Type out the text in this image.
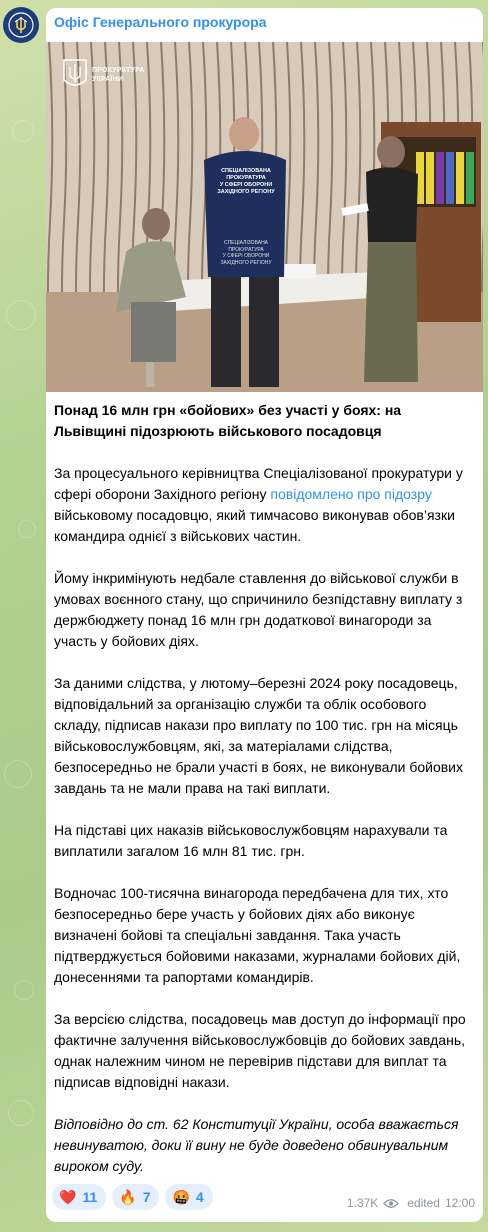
Офіс Генерального прокурора
ПРОКУРАТУРА
УКРАЇНИ
СПЕЦІАЛІЗОВАНА
ПРОКУРАТУРА
У СФЕРІ ОБОРОНИ
ЗАХІДНОГО РЕГІОНУ
СПЕЦІАЛІЗОВАНА
ПРОКУРАТУРА
У СФЕРІ ОБОРОНИ
ЗАХІДНОГО РЕГІОНУ

Понад 16 млн грн «бойових» без участі у боях: на Львівщині підозрюють військового посадовця

За процесуального керівництва Спеціалізованої прокуратури у сфері оборони Західного регіону повідомлено про підозру військовому посадовцю, який тимчасово виконував обов’язки командира однієї з військових частин.

Йому інкримінують недбале ставлення до військової служби в умовах воєнного стану, що спричинило безпідставну виплату з держбюджету понад 16 млн грн додаткової винагороди за участь у бойових діях.

За даними слідства, у лютому–березні 2024 року посадовець, відповідальний за організацію служби та облік особового складу, підписав накази про виплату по 100 тис. грн на місяць військовослужбовцям, які, за матеріалами слідства, безпосередньо не брали участі в боях, не виконували бойових завдань та не мали права на такі виплати.

На підставі цих наказів військовослужбовцям нарахували та виплатили загалом 16 млн 81 тис. грн.

Водночас 100-тисячна винагорода передбачена для тих, хто безпосередньо бере участь у бойових діях або виконує визначені бойові та спеціальні завдання. Така участь підтверджується бойовими наказами, журналами бойових дій, донесеннями та рапортами командирів.

За версією слідства, посадовець мав доступ до інформації про фактичне залучення військовослужбовців до бойових завдань, однак належним чином не перевірив підстави для виплат та підписав відповідні накази.

Відповідно до ст. 62 Конституції України, особа вважається невинуватою, доки її вину не буде доведено обвинувальним вироком суду.

❤️ 11 🔥 7 🤬 4	1.37K edited 12:00
